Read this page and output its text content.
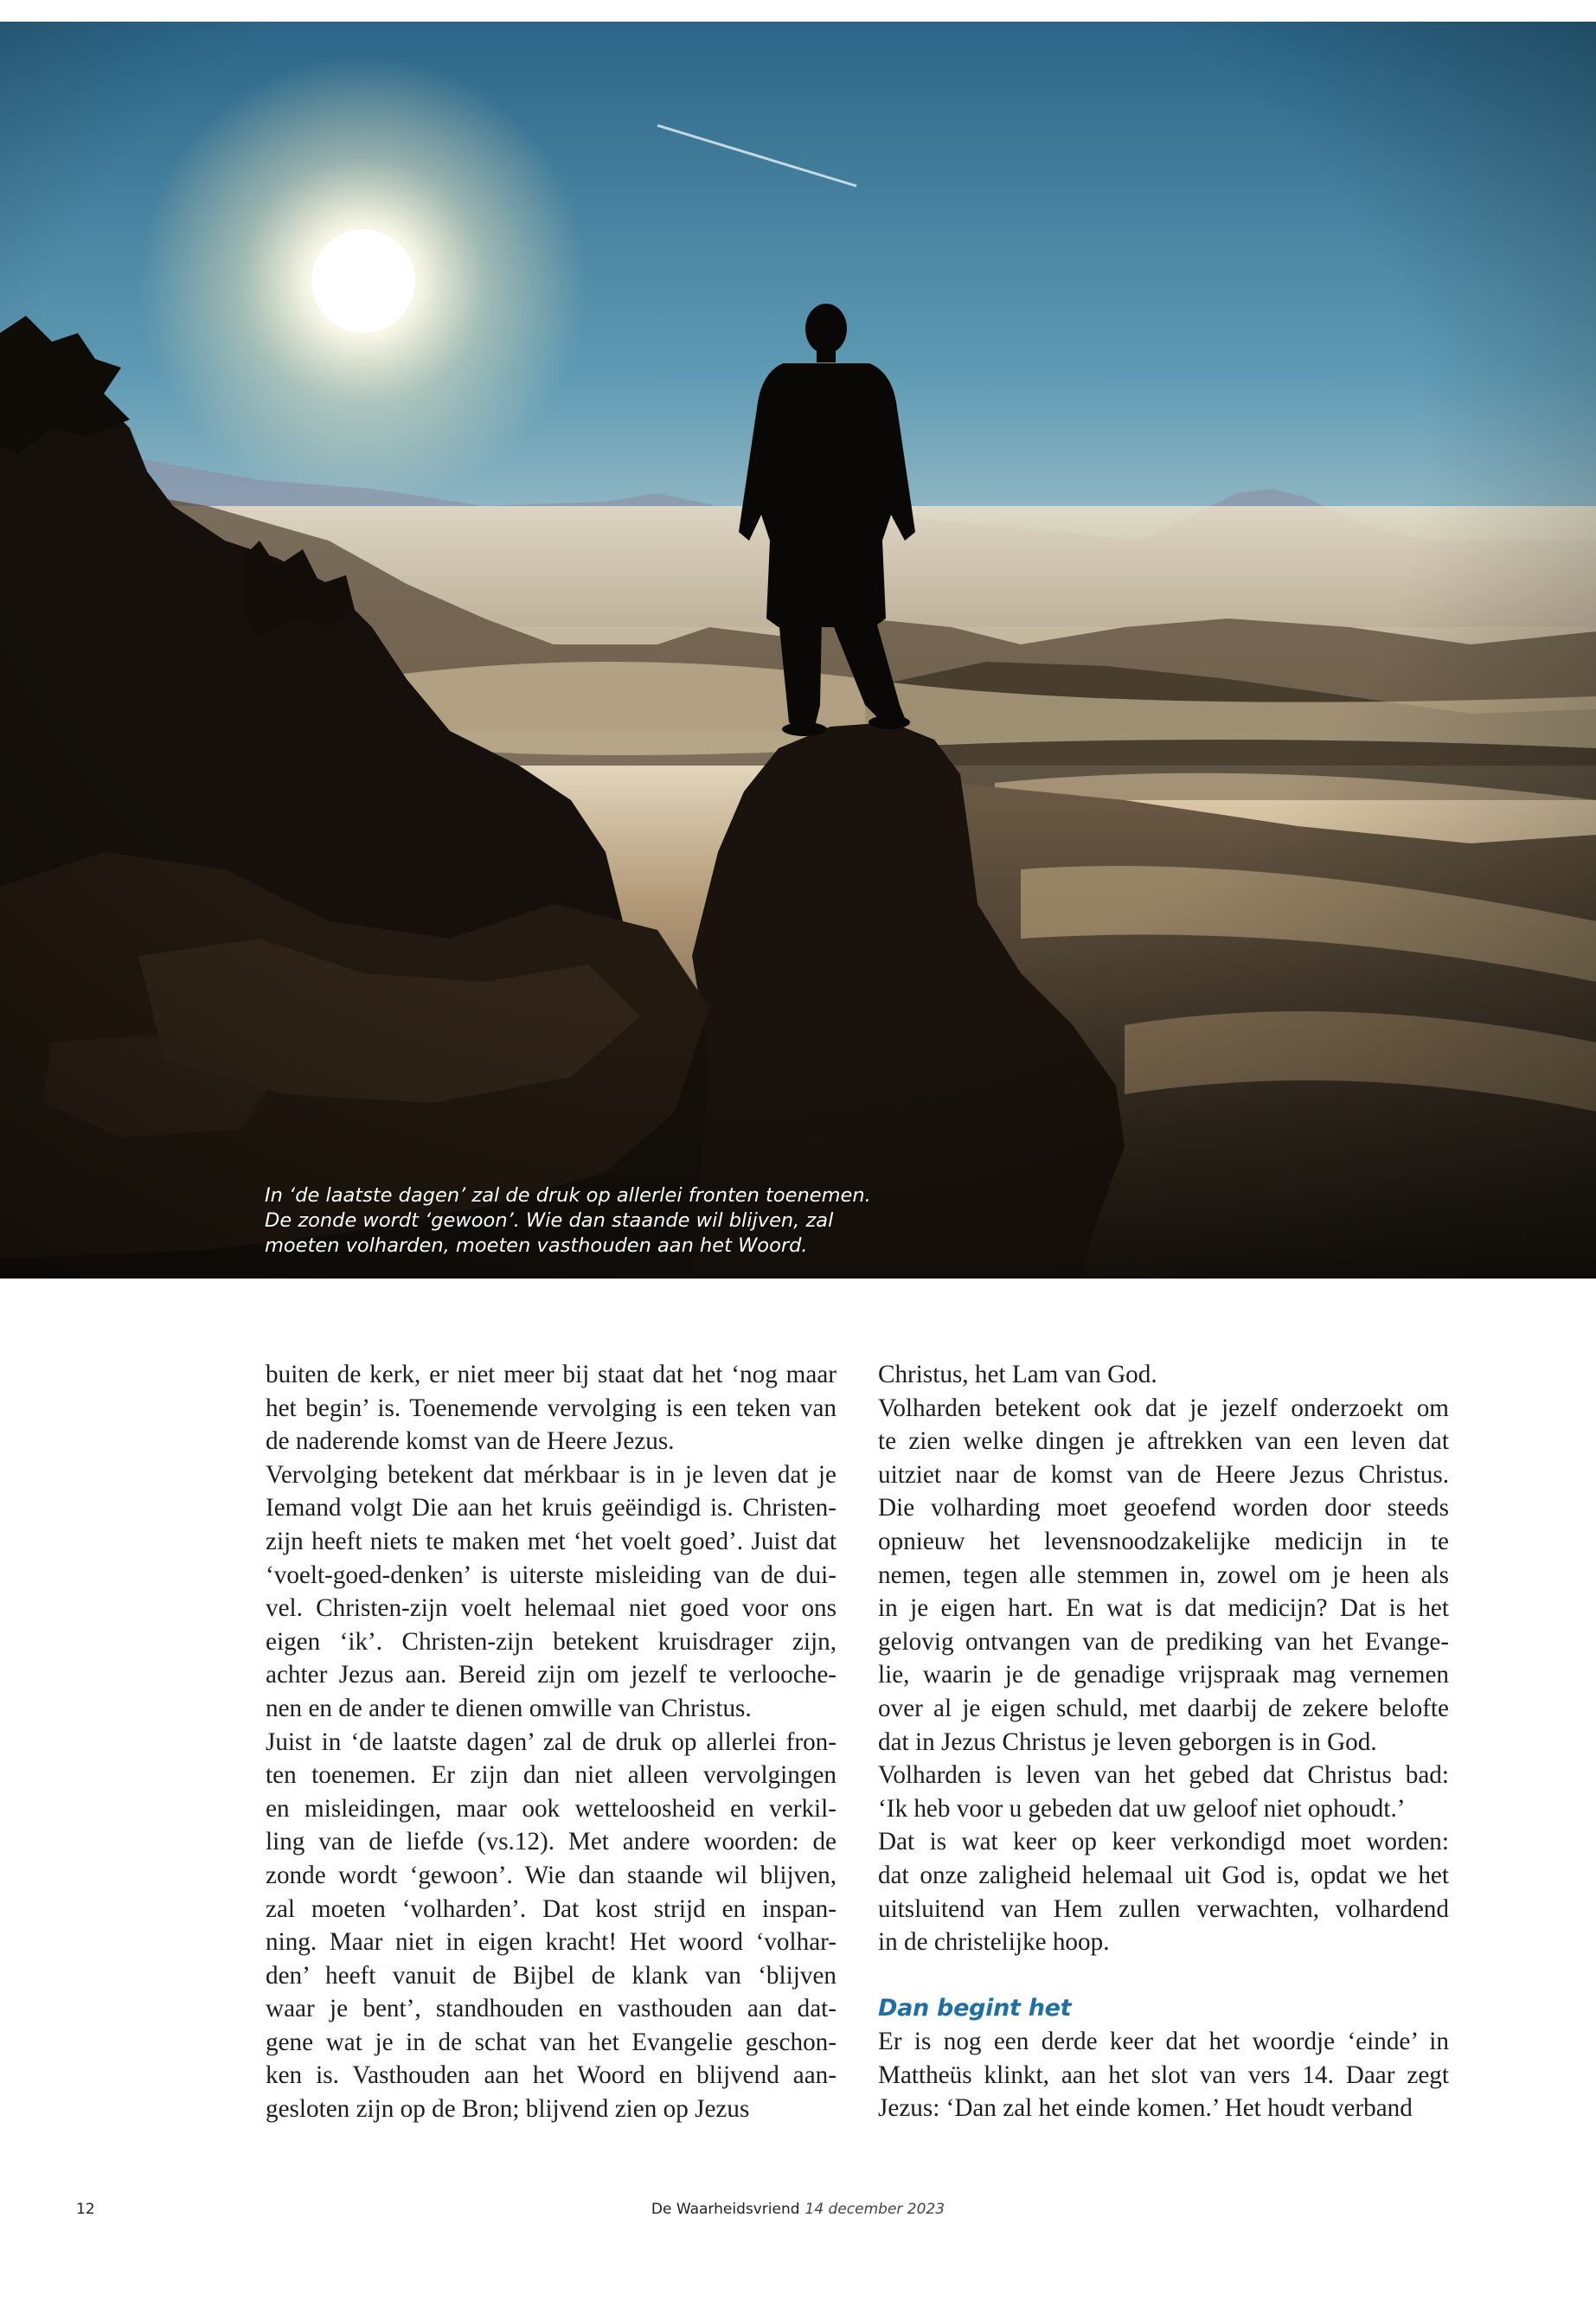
In ‘de laatste dagen’ zal de druk op allerlei fronten toenemen.
De zonde wordt ‘gewoon’. Wie dan staande wil blijven, zal
moeten volharden, moeten vasthouden aan het Woord.
buiten de kerk, er niet meer bij staat dat het ‘nog maar
het begin’ is. Toenemende vervolging is een teken van
de naderende komst van de Heere Jezus.
Vervolging betekent dat mérkbaar is in je leven dat je
Iemand volgt Die aan het kruis geëindigd is. Christen-
zijn heeft niets te maken met ‘het voelt goed’. Juist dat
‘voelt-goed-denken’ is uiterste misleiding van de dui-
vel. Christen-zijn voelt helemaal niet goed voor ons
eigen ‘ik’. Christen-zijn betekent kruisdrager zijn,
achter Jezus aan. Bereid zijn om jezelf te verlooche-
nen en de ander te dienen omwille van Christus.
Juist in ‘de laatste dagen’ zal de druk op allerlei fron-
ten toenemen. Er zijn dan niet alleen vervolgingen
en misleidingen, maar ook wetteloosheid en verkil-
ling van de liefde (vs.12). Met andere woorden: de
zonde wordt ‘gewoon’. Wie dan staande wil blijven,
zal moeten ‘volharden’. Dat kost strijd en inspan-
ning. Maar niet in eigen kracht! Het woord ‘volhar-
den’ heeft vanuit de Bijbel de klank van ‘blijven
waar je bent’, standhouden en vasthouden aan dat-
gene wat je in de schat van het Evangelie geschon-
ken is. Vasthouden aan het Woord en blijvend aan-
gesloten zijn op de Bron; blijvend zien op Jezus
Christus, het Lam van God.
Volharden betekent ook dat je jezelf onderzoekt om
te zien welke dingen je aftrekken van een leven dat
uitziet naar de komst van de Heere Jezus Christus.
Die volharding moet geoefend worden door steeds
opnieuw het levensnoodzakelijke medicijn in te
nemen, tegen alle stemmen in, zowel om je heen als
in je eigen hart. En wat is dat medicijn? Dat is het
gelovig ontvangen van de prediking van het Evange-
lie, waarin je de genadige vrijspraak mag vernemen
over al je eigen schuld, met daarbij de zekere belofte
dat in Jezus Christus je leven geborgen is in God.
Volharden is leven van het gebed dat Christus bad:
‘Ik heb voor u gebeden dat uw geloof niet ophoudt.’
Dat is wat keer op keer verkondigd moet worden:
dat onze zaligheid helemaal uit God is, opdat we het
uitsluitend van Hem zullen verwachten, volhardend
in de christelijke hoop.
Dan begint het
Er is nog een derde keer dat het woordje ‘einde’ in
Mattheüs klinkt, aan het slot van vers 14. Daar zegt
Jezus: ‘Dan zal het einde komen.’ Het houdt verband
12	De Waarheidsvriend 14 december 2023
